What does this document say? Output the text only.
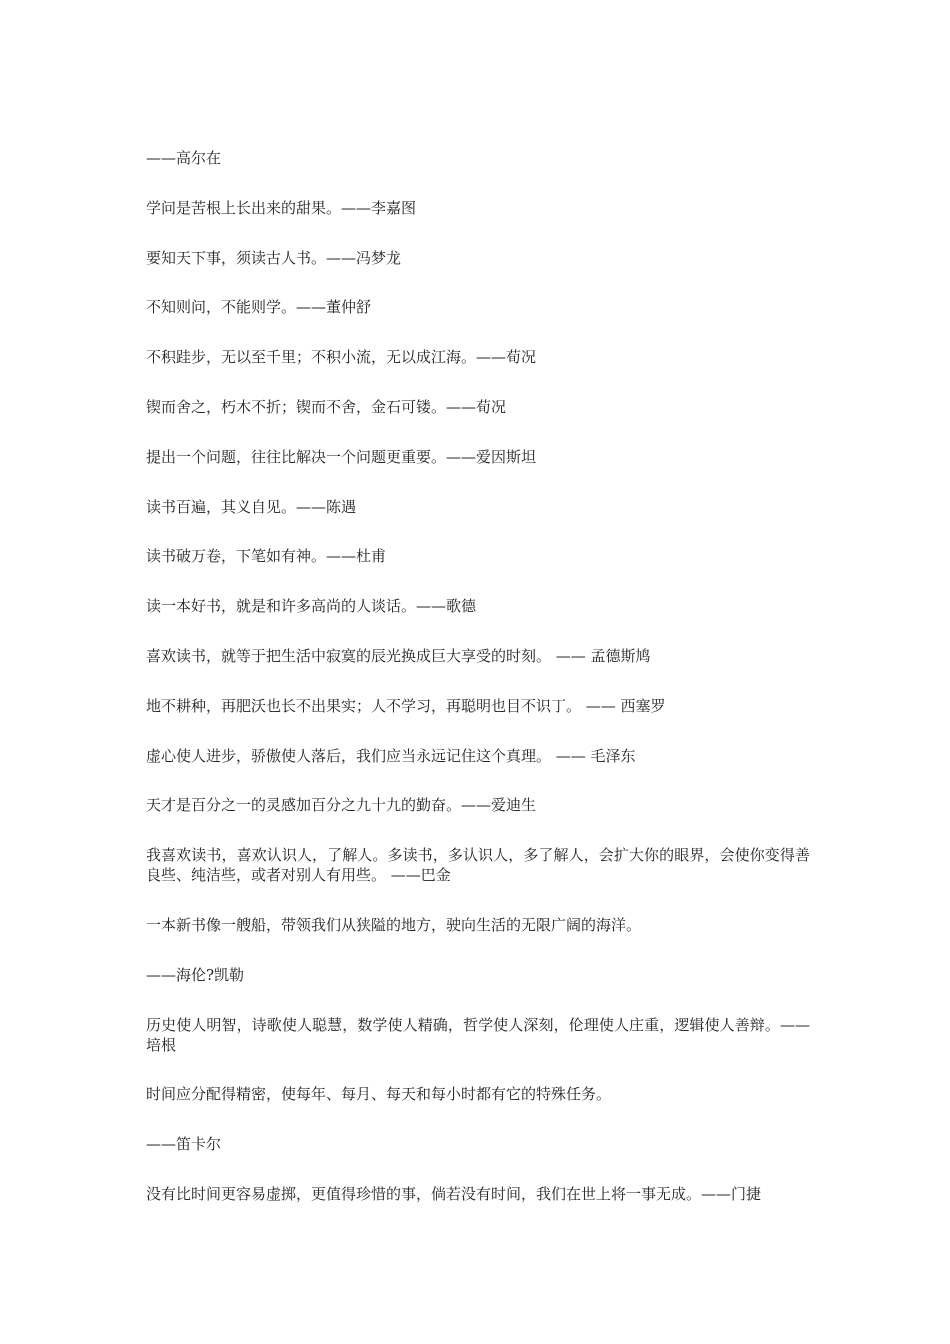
——高尔在

学问是苦根上长出来的甜果。——李嘉图

要知天下事，须读古人书。——冯梦龙

不知则问，不能则学。——董仲舒

不积跬步，无以至千里；不积小流，无以成江海。——荀况

锲而舍之，朽木不折；锲而不舍，金石可镂。——荀况

提出一个问题，往往比解决一个问题更重要。——爱因斯坦

读书百遍，其义自见。——陈遇

读书破万卷，下笔如有神。——杜甫

读一本好书，就是和许多高尚的人谈话。——歌德

喜欢读书，就等于把生活中寂寞的辰光换成巨大享受的时刻。 —— 孟德斯鸠

地不耕种，再肥沃也长不出果实；人不学习，再聪明也目不识丁。 —— 西塞罗

虚心使人进步，骄傲使人落后，我们应当永远记住这个真理。 —— 毛泽东

天才是百分之一的灵感加百分之九十九的勤奋。——爱迪生

我喜欢读书，喜欢认识人，了解人。多读书，多认识人，多了解人，会扩大你的眼界，会使你变得善良些、纯洁些，或者对别人有用些。 ——巴金

一本新书像一艘船，带领我们从狭隘的地方，驶向生活的无限广阔的海洋。

——海伦?凯勒

历史使人明智，诗歌使人聪慧，数学使人精确，哲学使人深刻，伦理使人庄重，逻辑使人善辩。——培根

时间应分配得精密，使每年、每月、每天和每小时都有它的特殊任务。

——笛卡尔

没有比时间更容易虚掷，更值得珍惜的事，倘若没有时间，我们在世上将一事无成。——门捷
